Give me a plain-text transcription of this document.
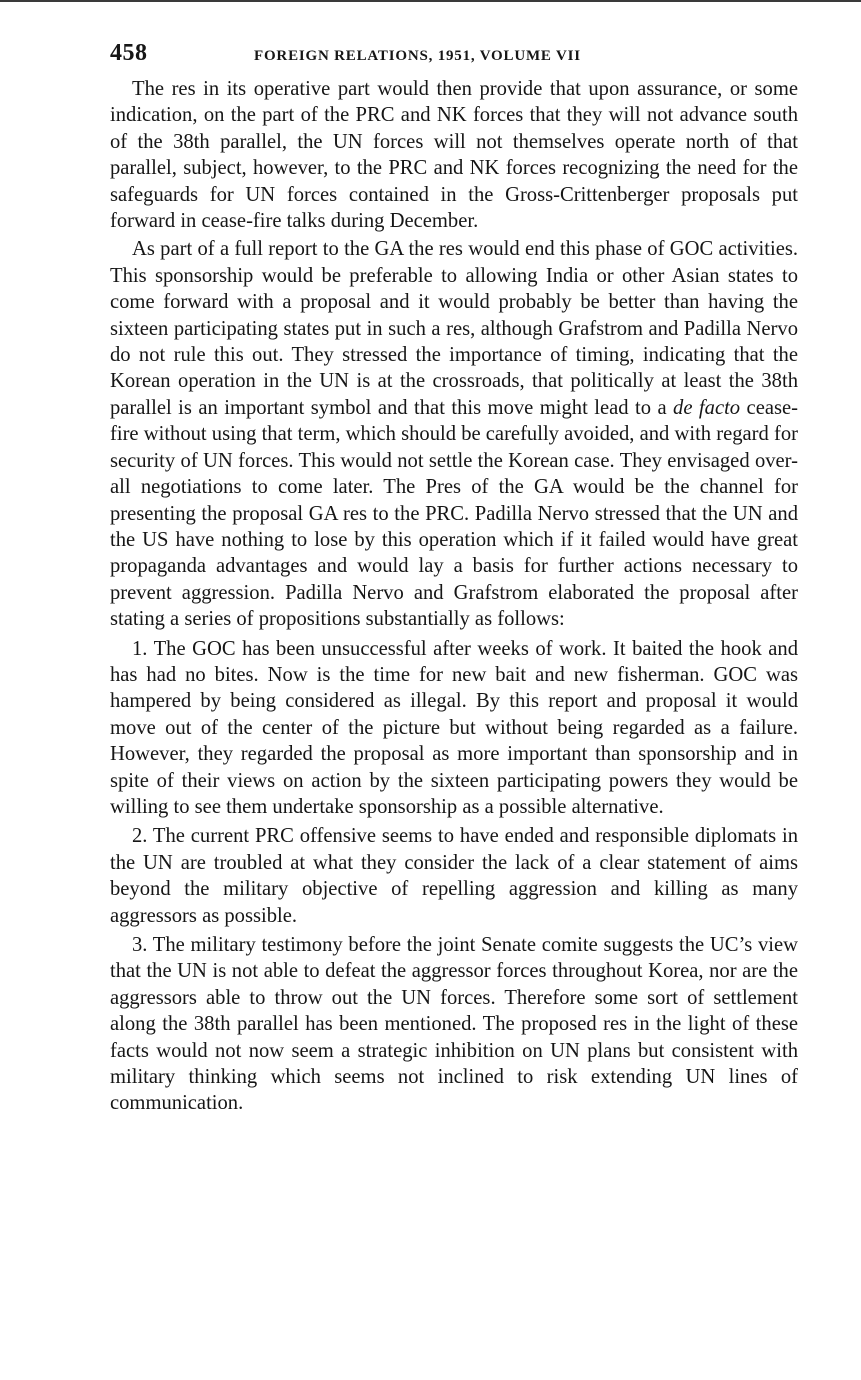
458	FOREIGN RELATIONS, 1951, VOLUME VII

The res in its operative part would then provide that upon assurance, or some indication, on the part of the PRC and NK forces that they will not advance south of the 38th parallel, the UN forces will not themselves operate north of that parallel, subject, however, to the PRC and NK forces recognizing the need for the safeguards for UN forces contained in the Gross-Crittenberger proposals put forward in cease-fire talks during December.

As part of a full report to the GA the res would end this phase of GOC activities. This sponsorship would be preferable to allowing India or other Asian states to come forward with a proposal and it would probably be better than having the sixteen participating states put in such a res, although Grafstrom and Padilla Nervo do not rule this out. They stressed the importance of timing, indicating that the Korean operation in the UN is at the crossroads, that politically at least the 38th parallel is an important symbol and that this move might lead to a de facto cease-fire without using that term, which should be carefully avoided, and with regard for security of UN forces. This would not settle the Korean case. They envisaged over-all negotiations to come later. The Pres of the GA would be the channel for presenting the proposal GA res to the PRC. Padilla Nervo stressed that the UN and the US have nothing to lose by this operation which if it failed would have great propaganda advantages and would lay a basis for further actions necessary to prevent aggression. Padilla Nervo and Grafstrom elaborated the proposal after stating a series of propositions substantially as follows:

1. The GOC has been unsuccessful after weeks of work. It baited the hook and has had no bites. Now is the time for new bait and new fisherman. GOC was hampered by being considered as illegal. By this report and proposal it would move out of the center of the picture but without being regarded as a failure. However, they regarded the proposal as more important than sponsorship and in spite of their views on action by the sixteen participating powers they would be willing to see them undertake sponsorship as a possible alternative.

2. The current PRC offensive seems to have ended and responsible diplomats in the UN are troubled at what they consider the lack of a clear statement of aims beyond the military objective of repelling aggression and killing as many aggressors as possible.

3. The military testimony before the joint Senate comite suggests the UC’s view that the UN is not able to defeat the aggressor forces throughout Korea, nor are the aggressors able to throw out the UN forces. Therefore some sort of settlement along the 38th parallel has been mentioned. The proposed res in the light of these facts would not now seem a strategic inhibition on UN plans but consistent with military thinking which seems not inclined to risk extending UN lines of communication.
